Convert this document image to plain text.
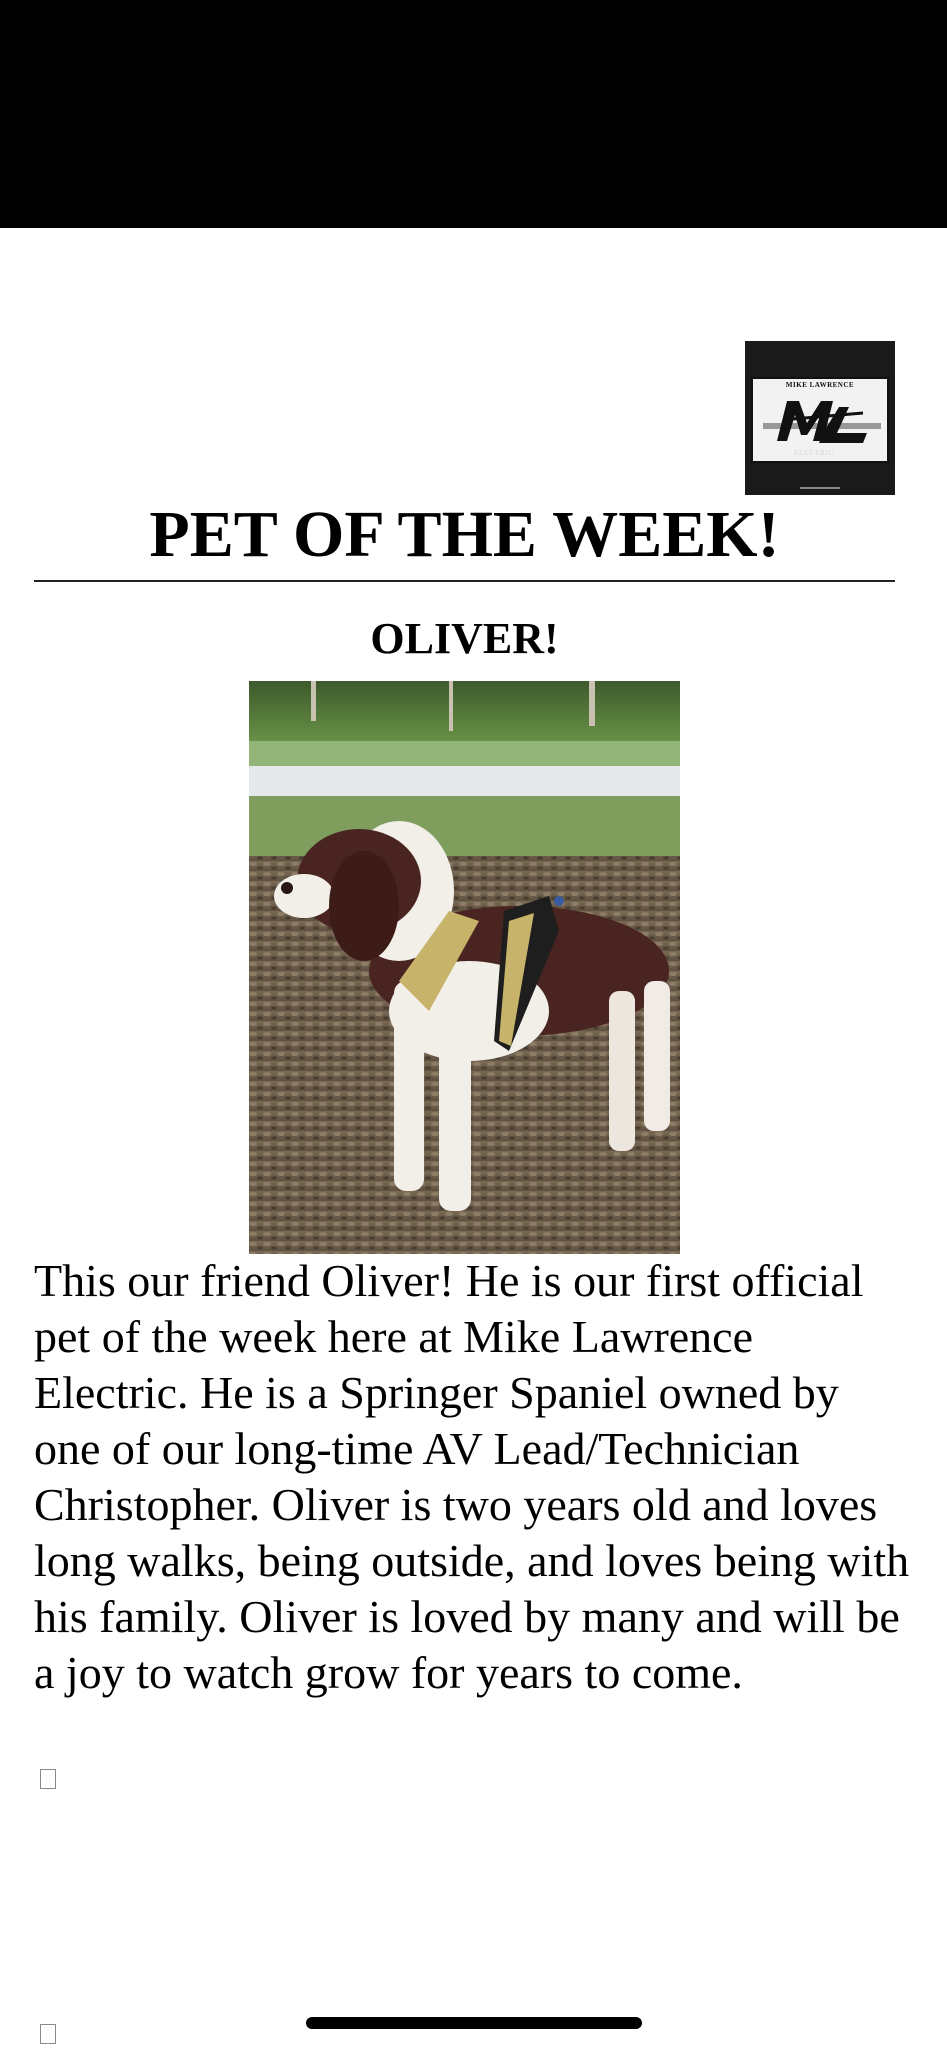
MIKE LAWRENCE
ELECTRIC
PET OF THE WEEK!
OLIVER!

This our friend Oliver! He is our first official pet of the week here at Mike Lawrence Electric. He is a Springer Spaniel owned by one of our long-time AV Lead/Technician Christopher. Oliver is two years old and loves long walks, being outside, and loves being with his family. Oliver is loved by many and will be a joy to watch grow for years to come.
